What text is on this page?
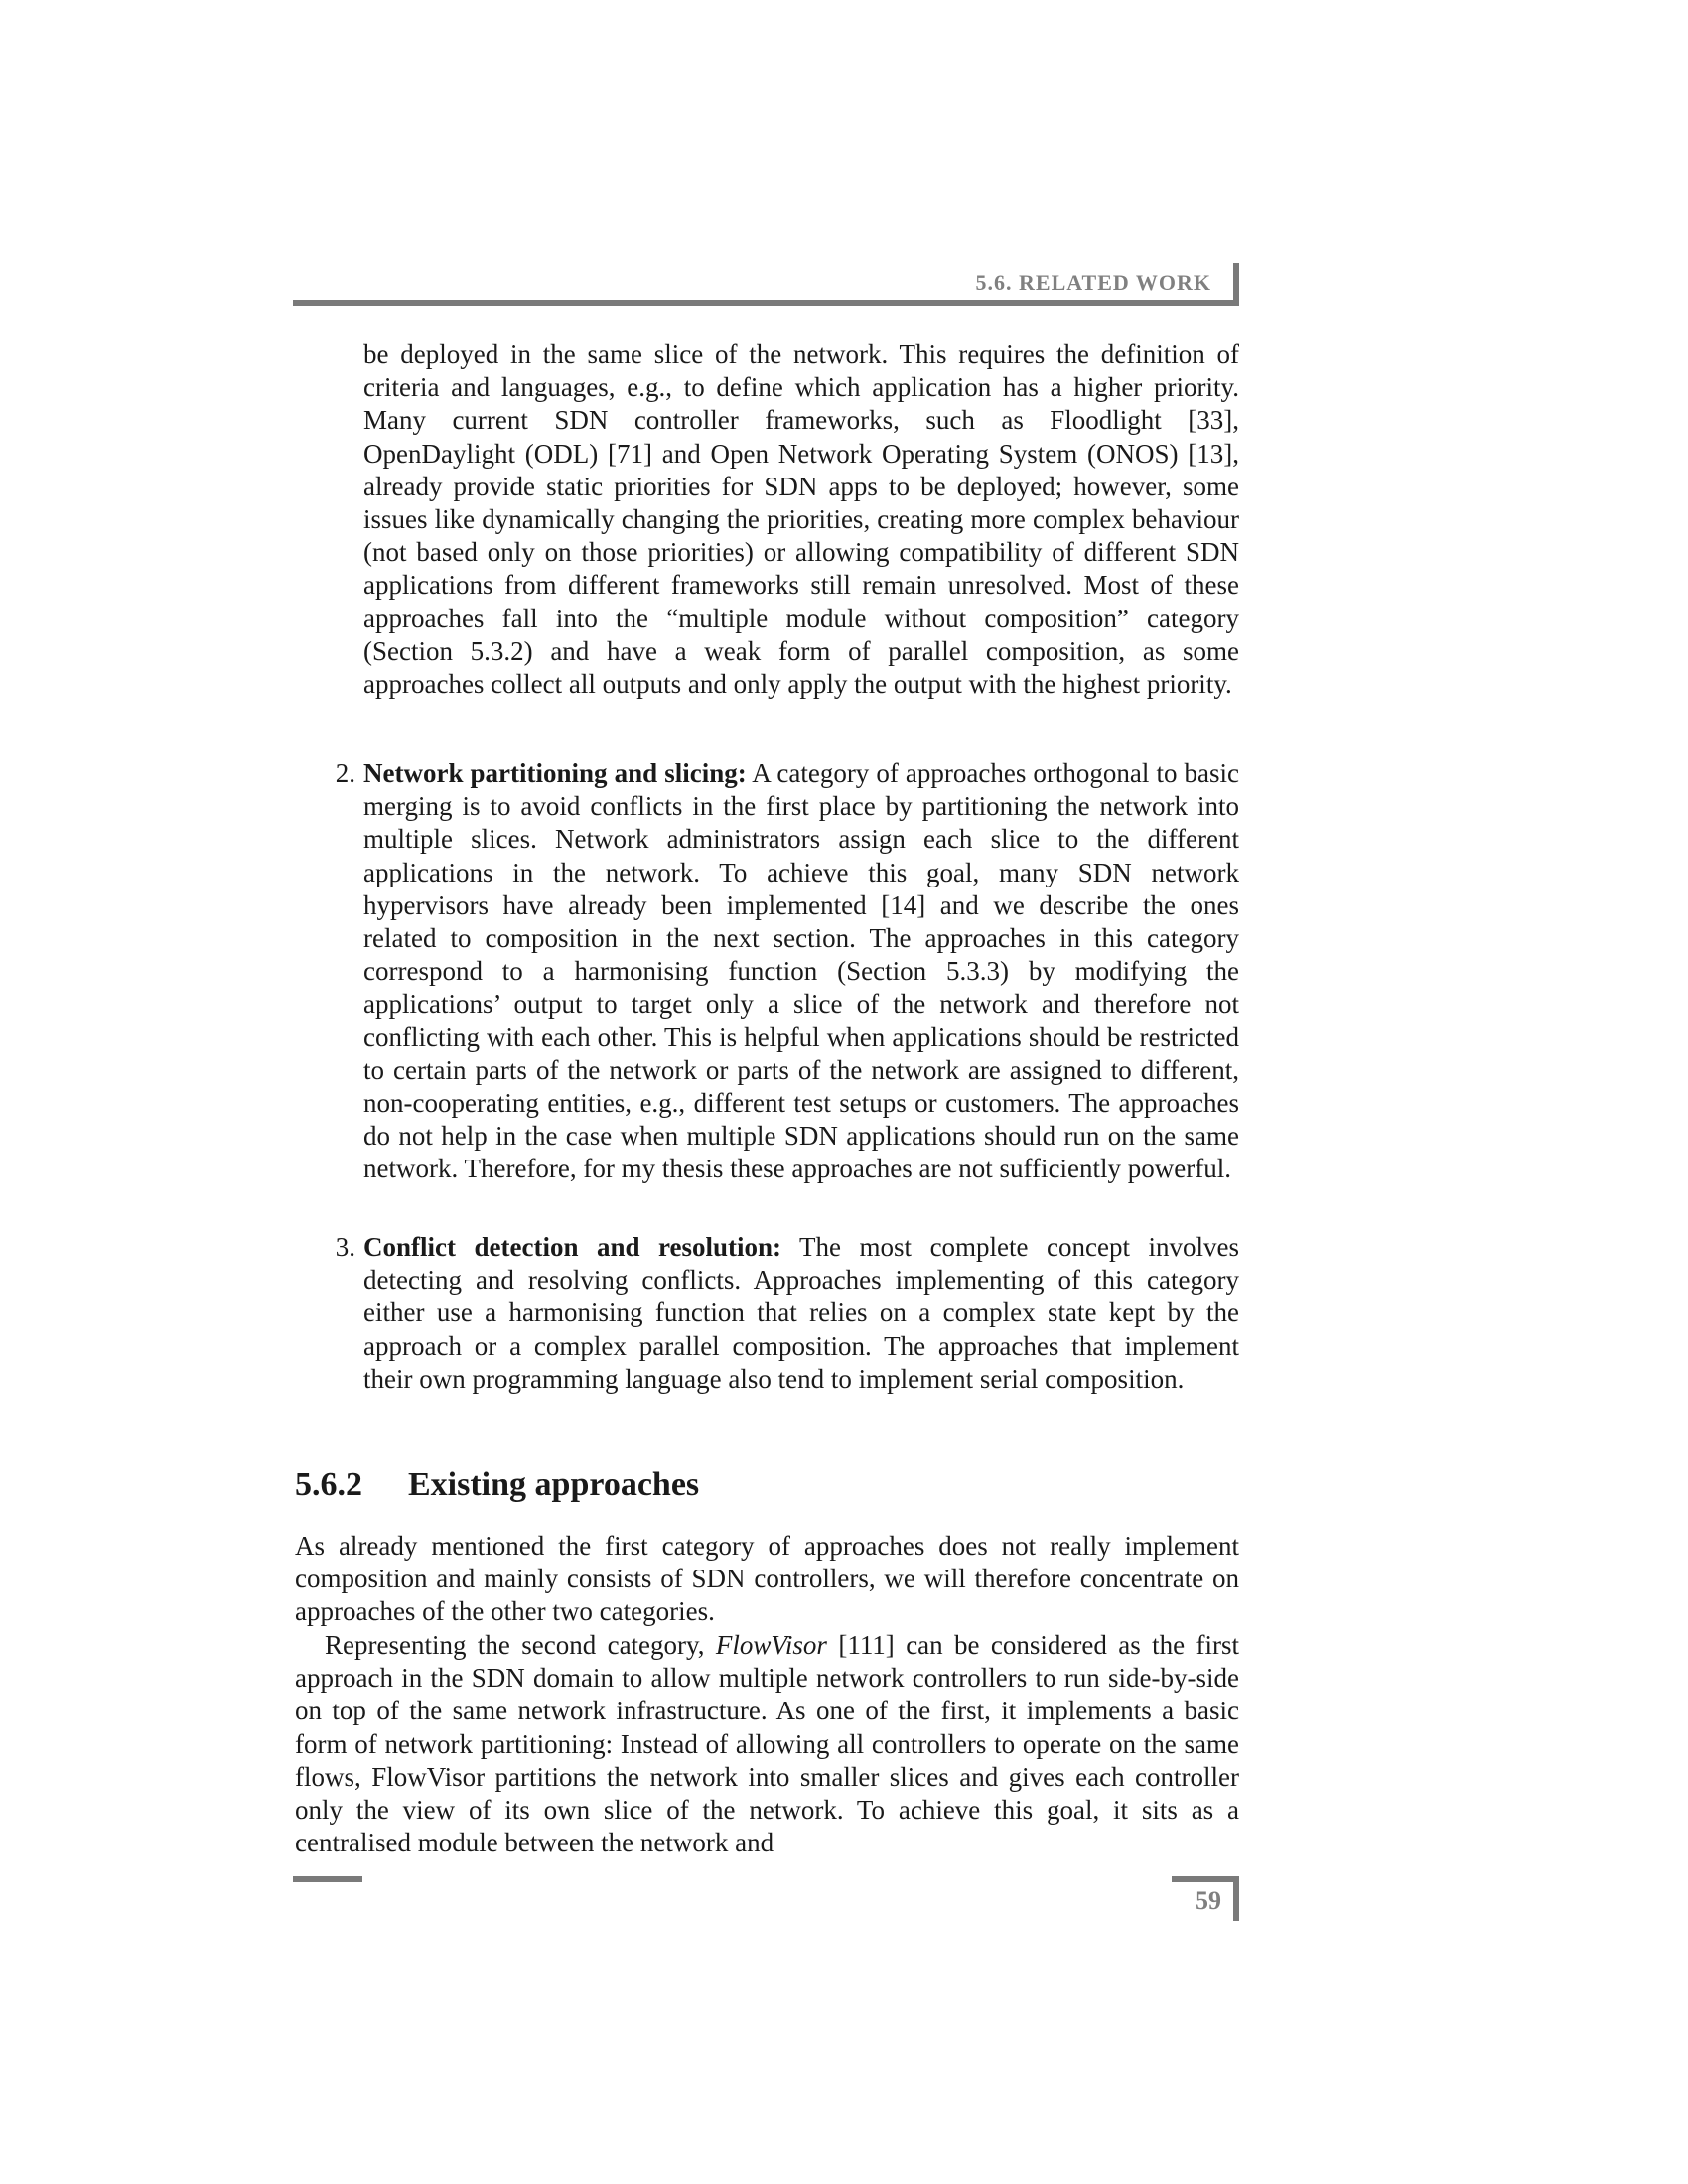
5.6. RELATED WORK

be deployed in the same slice of the network. This requires the definition of criteria and languages, e.g., to define which application has a higher priority. Many current SDN controller frameworks, such as Floodlight [33], OpenDaylight (ODL) [71] and Open Network Operating System (ONOS) [13], already provide static priorities for SDN apps to be deployed; however, some issues like dynamically changing the priorities, creating more complex behaviour (not based only on those priorities) or allowing compatibility of different SDN applications from different frameworks still remain unresolved. Most of these approaches fall into the “multiple module without composition” category (Section 5.3.2) and have a weak form of parallel composition, as some approaches collect all outputs and only apply the output with the highest priority.

2. Network partitioning and slicing: A category of approaches orthogonal to basic merging is to avoid conflicts in the first place by partitioning the network into multiple slices. Network administrators assign each slice to the different applications in the network. To achieve this goal, many SDN network hypervisors have already been implemented [14] and we describe the ones related to composition in the next section. The approaches in this category correspond to a harmonising function (Section 5.3.3) by modifying the applications’ output to target only a slice of the network and therefore not conflicting with each other. This is helpful when applications should be restricted to certain parts of the network or parts of the network are assigned to different, non-cooperating entities, e.g., different test setups or customers. The approaches do not help in the case when multiple SDN applications should run on the same network. Therefore, for my thesis these approaches are not sufficiently powerful.

3. Conflict detection and resolution: The most complete concept involves detecting and resolving conflicts. Approaches implementing of this category either use a harmonising function that relies on a complex state kept by the approach or a complex parallel composition. The approaches that implement their own programming language also tend to implement serial composition.

5.6.2 Existing approaches

As already mentioned the first category of approaches does not really implement composition and mainly consists of SDN controllers, we will therefore concentrate on approaches of the other two categories.

Representing the second category, FlowVisor [111] can be considered as the first approach in the SDN domain to allow multiple network controllers to run side-by-side on top of the same network infrastructure. As one of the first, it implements a basic form of network partitioning: Instead of allowing all controllers to operate on the same flows, FlowVisor partitions the network into smaller slices and gives each controller only the view of its own slice of the network. To achieve this goal, it sits as a centralised module between the network and

59
